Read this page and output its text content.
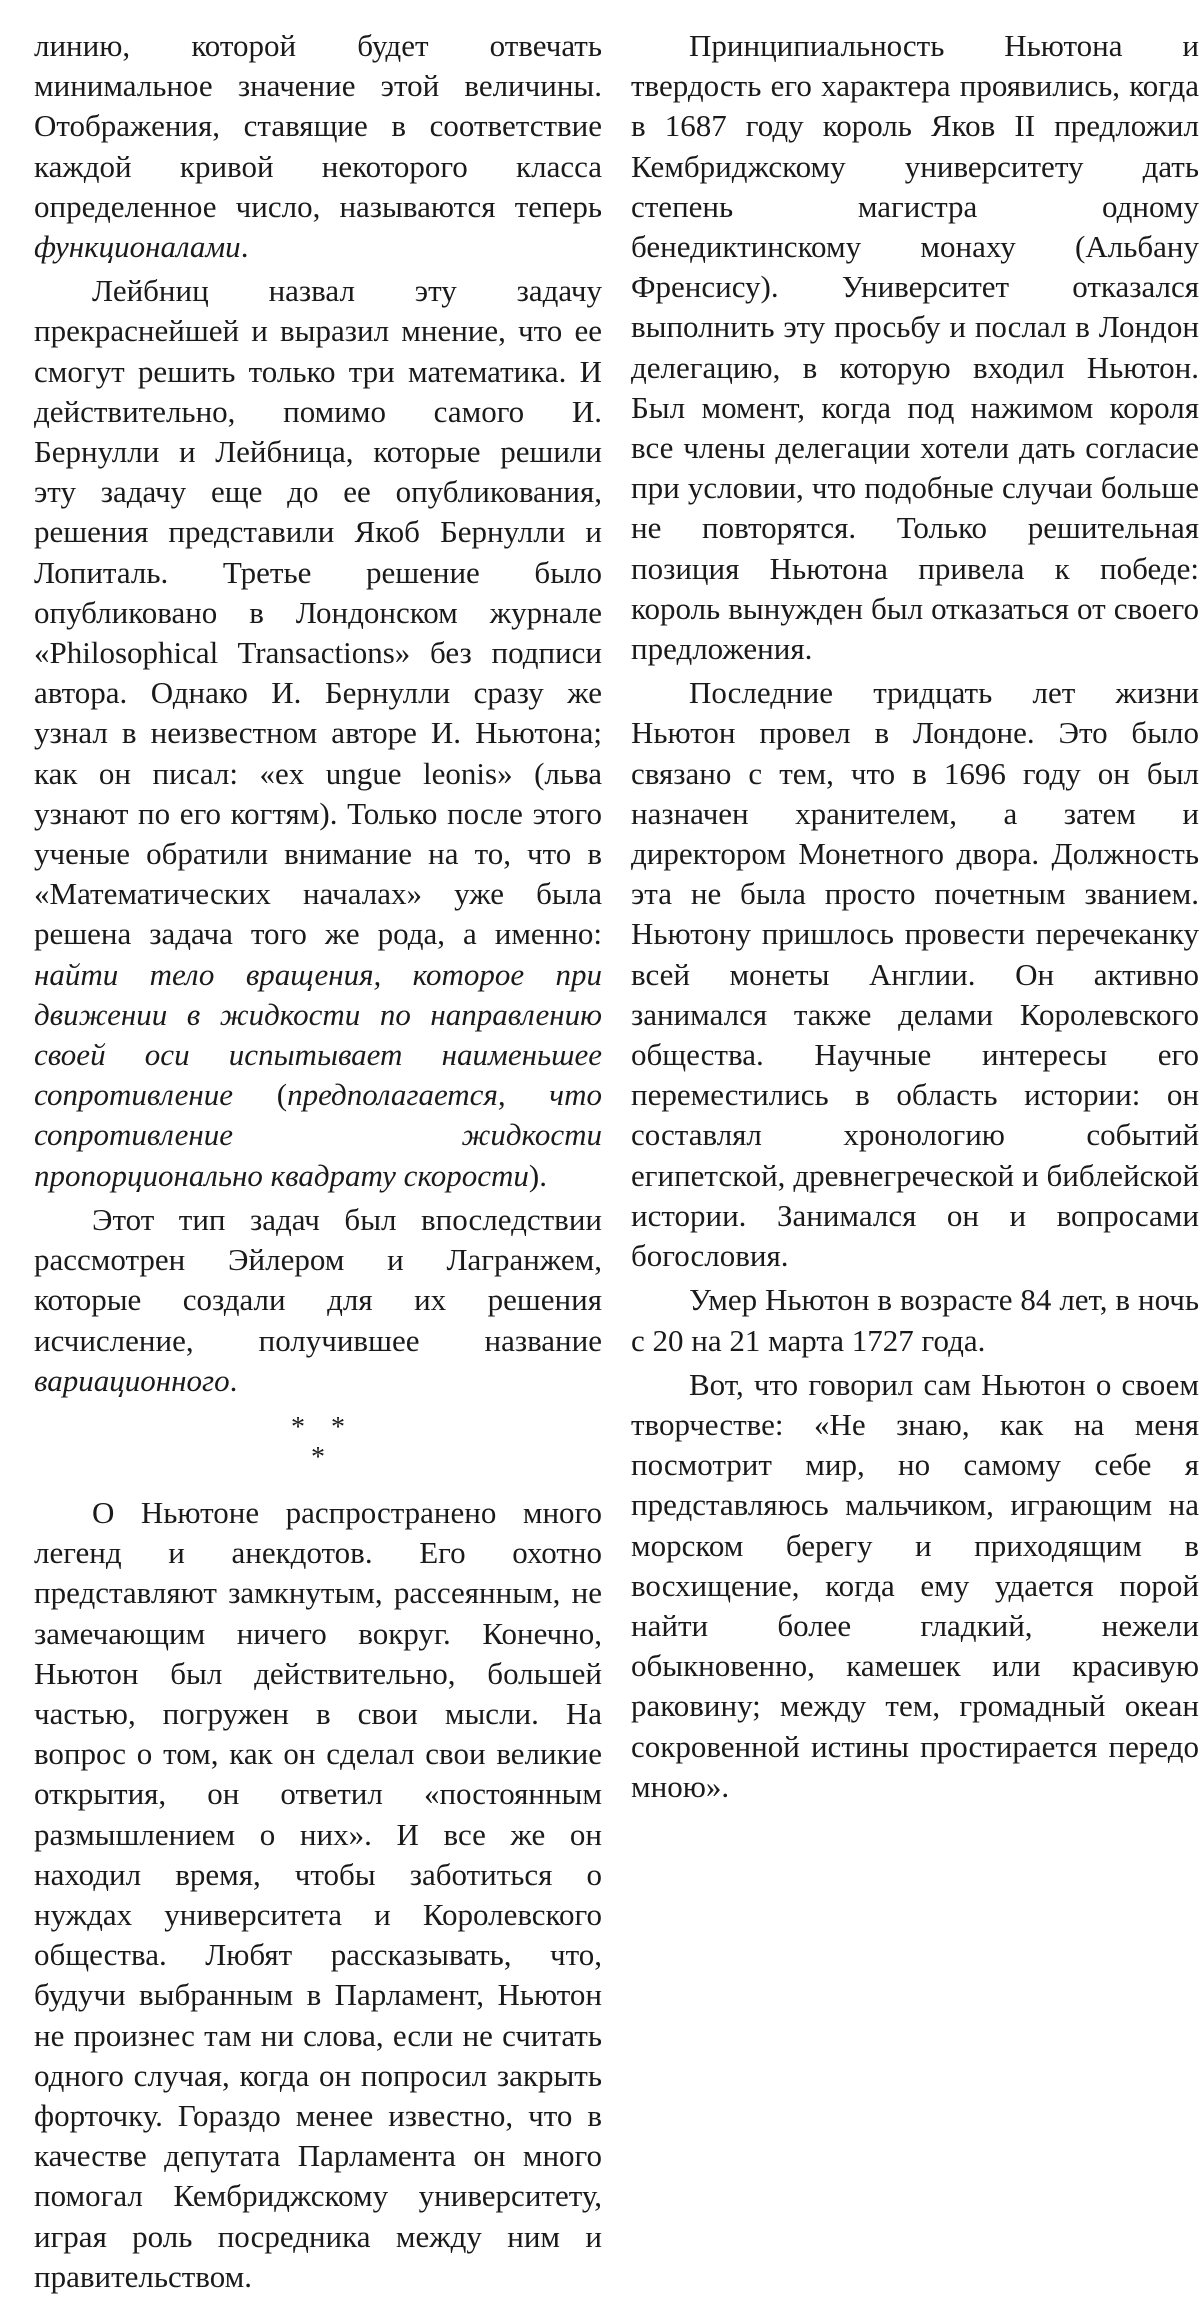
линию, которой будет отвечать минимальное значение этой величины. Отображения, ставящие в соответствие каждой кривой некоторого класса определенное число, называются теперь функционалами.

Лейбниц назвал эту задачу прекраснейшей и выразил мнение, что ее смогут решить только три математика. И действительно, помимо самого И. Бернулли и Лейбница, которые решили эту задачу еще до ее опубликования, решения представили Якоб Бернулли и Лопиталь. Третье решение было опубликовано в Лондонском журнале «Philosophical Transactions» без подписи автора. Однако И. Бернулли сразу же узнал в неизвестном авторе И. Ньютона; как он писал: «ex ungue leonis» (льва узнают по его когтям). Только после этого ученые обратили внимание на то, что в «Математических началах» уже была решена задача того же рода, а именно: найти тело вращения, которое при движении в жидкости по направлению своей оси испытывает наименьшее сопротивление (предполагается, что сопротивление жидкости пропорционально квадрату скорости).

Этот тип задач был впоследствии рассмотрен Эйлером и Лагранжем, которые создали для их решения исчисление, получившее название вариационного.

* *
*

О Ньютоне распространено много легенд и анекдотов. Его охотно представляют замкнутым, рассеянным, не замечающим ничего вокруг. Конечно, Ньютон был действительно, большей частью, погружен в свои мысли. На вопрос о том, как он сделал свои великие открытия, он ответил «постоянным размышлением о них». И все же он находил время, чтобы заботиться о нуждах университета и Королевского общества. Любят рассказывать, что, будучи выбранным в Парламент, Ньютон не произнес там ни слова, если не считать одного случая, когда он попросил закрыть форточку. Гораздо менее известно, что в качестве депутата Парламента он много помогал Кембриджскому университету, играя роль посредника между ним и правительством.

Принципиальность Ньютона и твердость его характера проявились, когда в 1687 году король Яков II предложил Кембриджскому университету дать степень магистра одному бенедиктинскому монаху (Альбану Френсису). Университет отказался выполнить эту просьбу и послал в Лондон делегацию, в которую входил Ньютон. Был момент, когда под нажимом короля все члены делегации хотели дать согласие при условии, что подобные случаи больше не повторятся. Только решительная позиция Ньютона привела к победе: король вынужден был отказаться от своего предложения.

Последние тридцать лет жизни Ньютон провел в Лондоне. Это было связано с тем, что в 1696 году он был назначен хранителем, а затем и директором Монетного двора. Должность эта не была просто почетным званием. Ньютону пришлось провести перечеканку всей монеты Англии. Он активно занимался также делами Королевского общества. Научные интересы его переместились в область истории: он составлял хронологию событий египетской, древнегреческой и библейской истории. Занимался он и вопросами богословия.

Умер Ньютон в возрасте 84 лет, в ночь с 20 на 21 марта 1727 года.

Вот, что говорил сам Ньютон о своем творчестве: «Не знаю, как на меня посмотрит мир, но самому себе я представляюсь мальчиком, играющим на морском берегу и приходящим в восхищение, когда ему удается порой найти более гладкий, нежели обыкновенно, камешек или красивую раковину; между тем, громадный океан сокровенной истины простирается передо мною».
